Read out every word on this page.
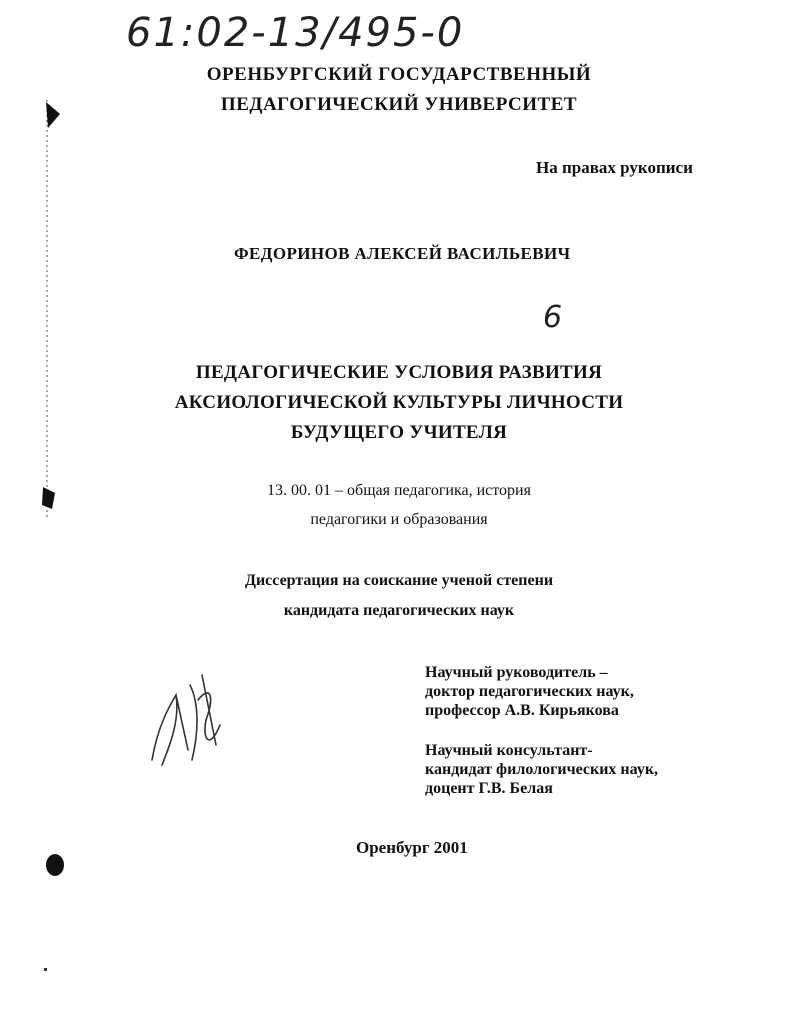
61:02-13/495-0
ОРЕНБУРГСКИЙ ГОСУДАРСТВЕННЫЙ
ПЕДАГОГИЧЕСКИЙ УНИВЕРСИТЕТ
На правах рукописи
ФЕДОРИНОВ АЛЕКСЕЙ ВАСИЛЬЕВИЧ
6
ПЕДАГОГИЧЕСКИЕ УСЛОВИЯ РАЗВИТИЯ
АКСИОЛОГИЧЕСКОЙ КУЛЬТУРЫ ЛИЧНОСТИ
БУДУЩЕГО УЧИТЕЛЯ
13. 00. 01 – общая педагогика, история
педагогики и образования
Диссертация на соискание ученой степени
кандидата педагогических наук
Научный руководитель –
доктор педагогических наук,
профессор А.В. Кирьякова
Научный консультант-
кандидат филологических наук,
доцент Г.В. Белая
Оренбург 2001
